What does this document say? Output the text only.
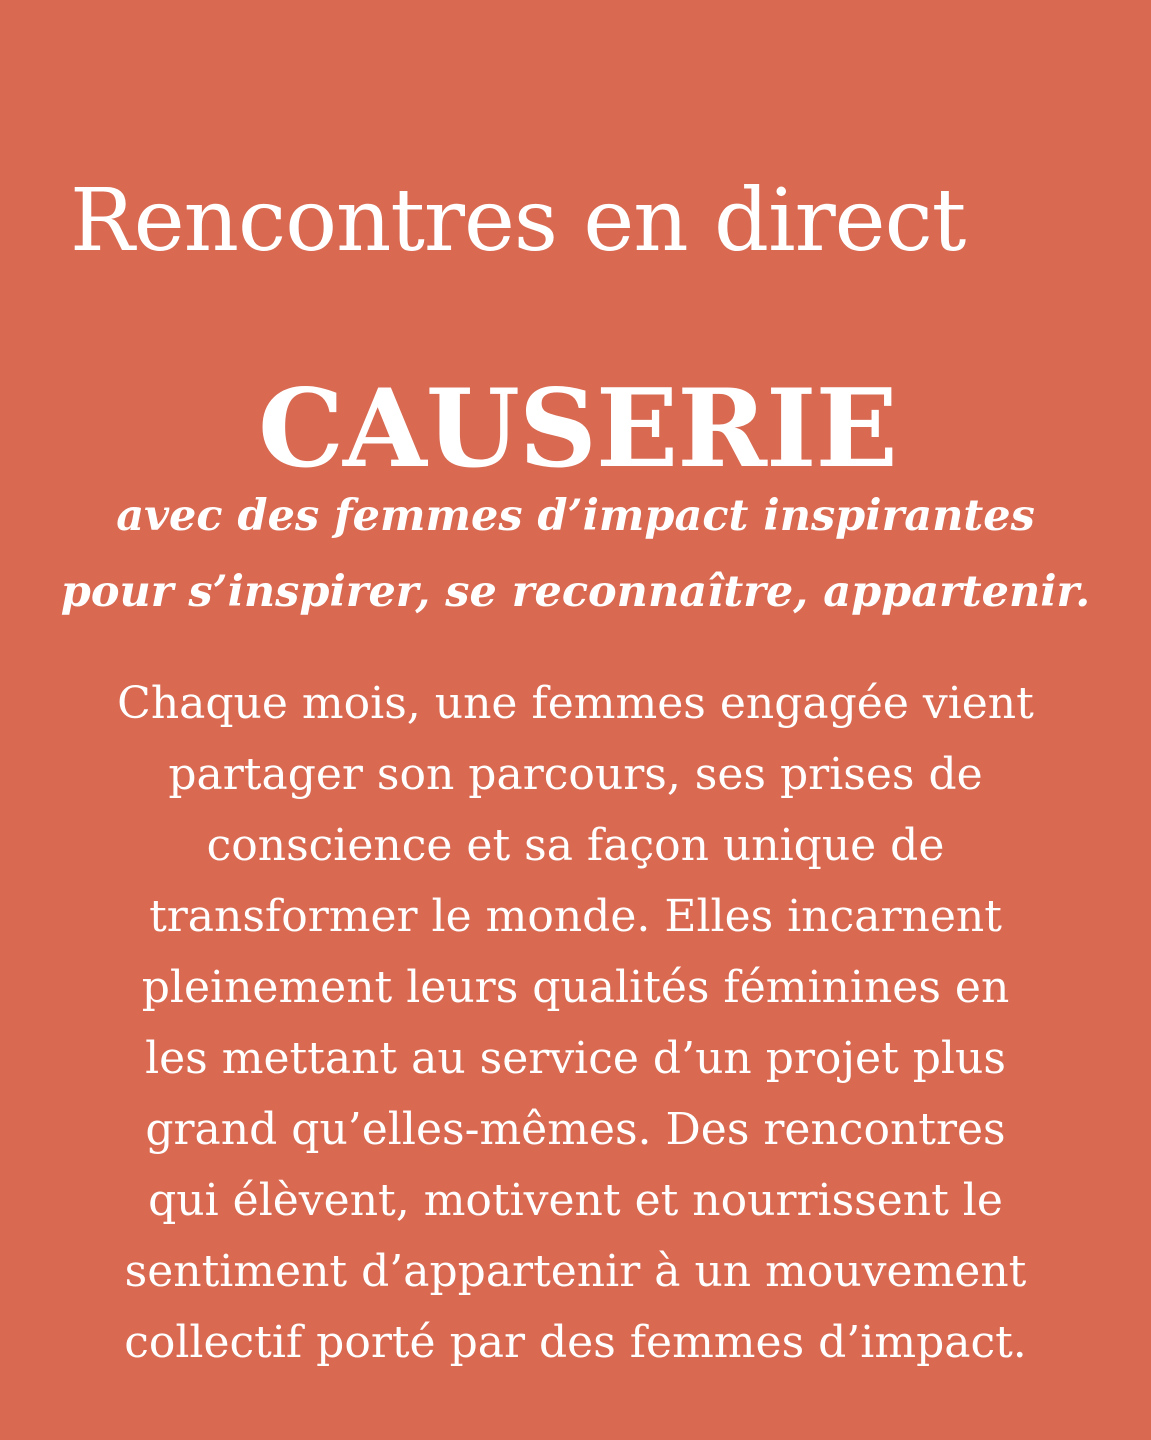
Rencontres en direct
CAUSERIE
avec des femmes d’impact inspirantes
pour s’inspirer, se reconnaître, appartenir.
Chaque mois, une femmes engagée vient
partager son parcours, ses prises de
conscience et sa façon unique de
transformer le monde. Elles incarnent
pleinement leurs qualités féminines en
les mettant au service d’un projet plus
grand qu’elles-mêmes. Des rencontres
qui élèvent, motivent et nourrissent le
sentiment d’appartenir à un mouvement
collectif porté par des femmes d’impact.
